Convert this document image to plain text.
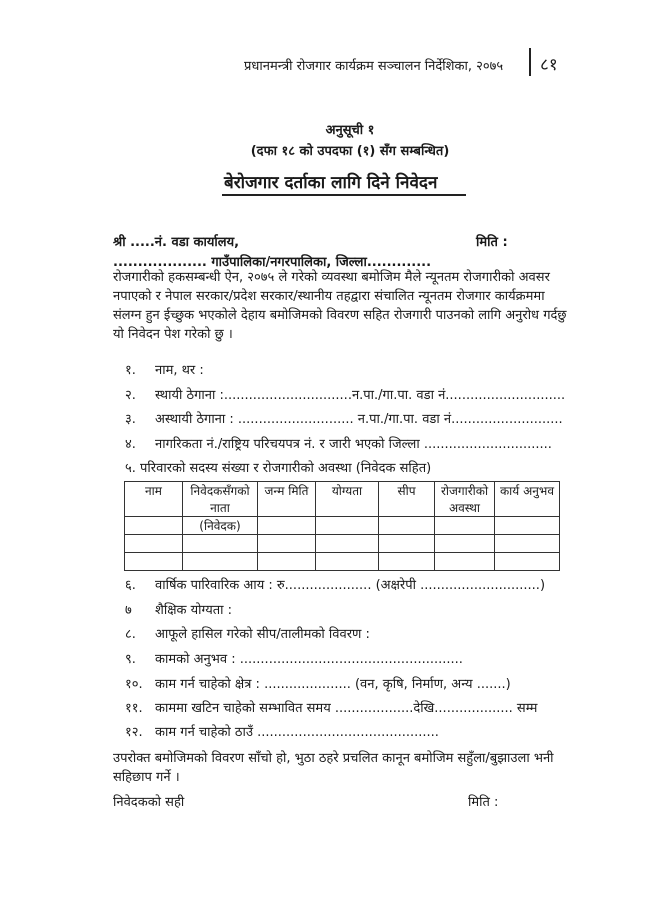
प्रधानमन्त्री रोजगार कार्यक्रम सञ्चालन निर्देशिका, २०७५ ८१
अनुसूची १
(दफा १८ को उपदफा (१) सँग सम्बन्धित)
बेरोजगार दर्ताका लागि दिने निवेदन
श्री .....नं. वडा कार्यालय,	मिति :
................... गाउँपालिका/नगरपालिका, जिल्ला.............
रोजगारीको हकसम्बन्धी ऐन, २०७५ ले गरेको व्यवस्था बमोजिम मैले न्यूनतम रोजगारीको अवसर नपाएको र नेपाल सरकार/प्रदेश सरकार/स्थानीय तहद्वारा संचालित न्यूनतम रोजगार कार्यक्रममा संलग्न हुन ईच्छुक भएकोले देहाय बमोजिमको विवरण सहित रोजगारी पाउनको लागि अनुरोध गर्दछु यो निवेदन पेश गरेको छु ।
१. नाम, थर :
२. स्थायी ठेगाना :...............................न.पा./गा.पा. वडा नं.............................
३. अस्थायी ठेगाना : ............................ न.पा./गा.पा. वडा नं...........................
४. नागरिकता नं./राष्ट्रिय परिचयपत्र नं. र जारी भएको जिल्ला ...............................
५. परिवारको सदस्य संख्या र रोजगारीको अवस्था (निवेदक सहित)
नाम	निवेदकसँगको नाता	जन्म मिति	योग्यता	सीप	रोजगारीको अवस्था	कार्य अनुभव
	(निवेदक)					

६. वार्षिक पारिवारिक आय : रु..................... (अक्षरेपी .............................)
७ शैक्षिक योग्यता :
८. आफूले हासिल गरेको सीप/तालीमको विवरण :
९. कामको अनुभव : ......................................................
१०. काम गर्न चाहेको क्षेत्र : ..................... (वन, कृषि, निर्माण, अन्य .......)
११. काममा खटिन चाहेको सम्भावित समय ...................देखि................... सम्म
१२. काम गर्न चाहेको ठाउँ ............................................
उपरोक्त बमोजिमको विवरण साँचो हो, भुठा ठहरे प्रचलित कानून बमोजिम सहुँला/बुझाउला भनी सहिछाप गर्ने ।
निवेदकको सही	मिति :
